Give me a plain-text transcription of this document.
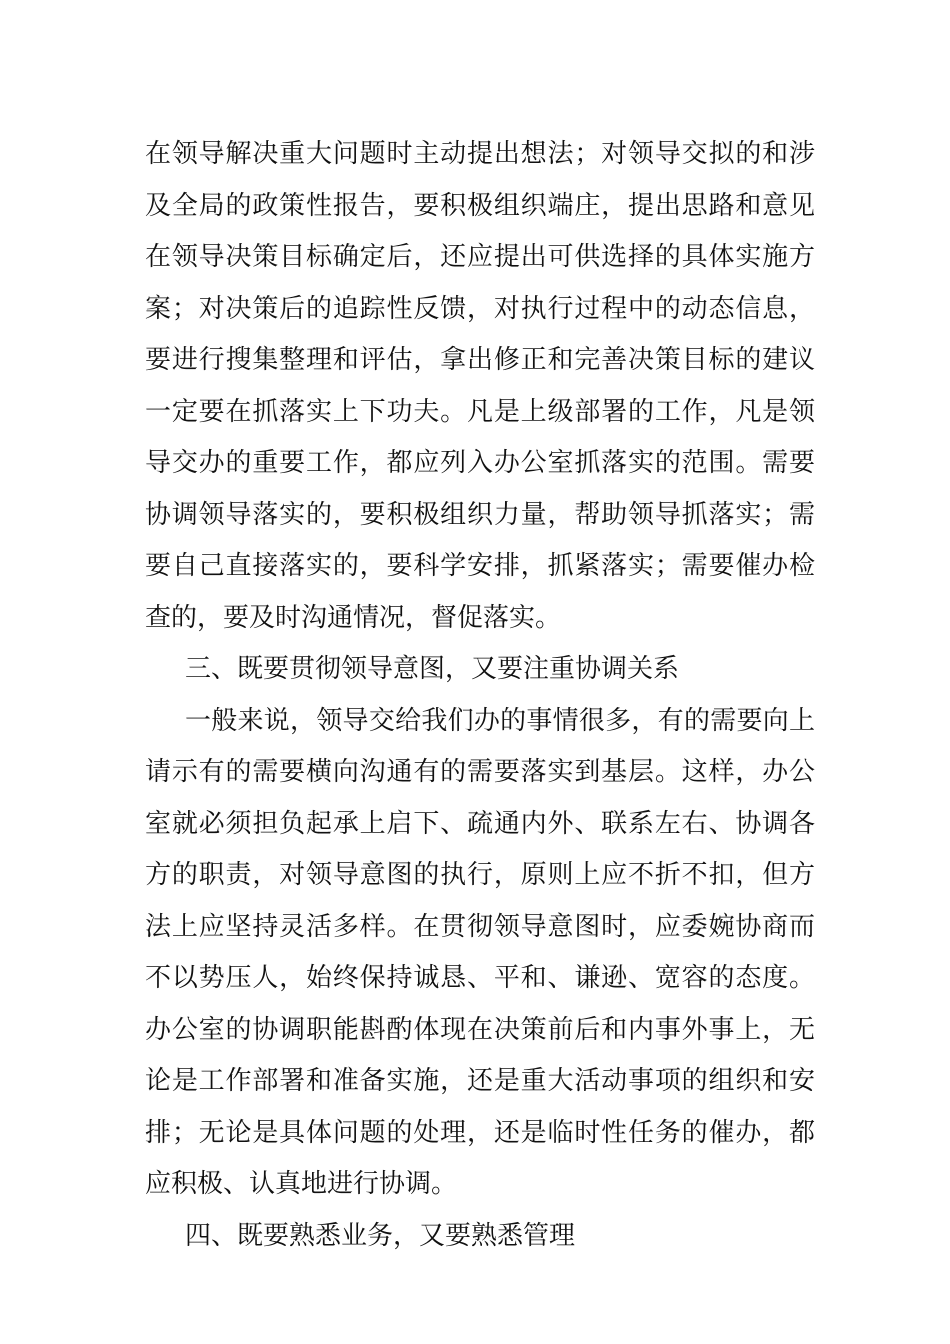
在领导解决重大问题时主动提出想法；对领导交拟的和涉
及全局的政策性报告，要积极组织端庄，提出思路和意见
在领导决策目标确定后，还应提出可供选择的具体实施方
案；对决策后的追踪性反馈，对执行过程中的动态信息，
要进行搜集整理和评估，拿出修正和完善决策目标的建议
一定要在抓落实上下功夫。凡是上级部署的工作，凡是领
导交办的重要工作，都应列入办公室抓落实的范围。需要
协调领导落实的，要积极组织力量，帮助领导抓落实；需
要自己直接落实的，要科学安排，抓紧落实；需要催办检
查的，要及时沟通情况，督促落实。
三、既要贯彻领导意图，又要注重协调关系
一般来说，领导交给我们办的事情很多，有的需要向上
请示有的需要横向沟通有的需要落实到基层。这样，办公
室就必须担负起承上启下、疏通内外、联系左右、协调各
方的职责，对领导意图的执行，原则上应不折不扣，但方
法上应坚持灵活多样。在贯彻领导意图时，应委婉协商而
不以势压人，始终保持诚恳、平和、谦逊、宽容的态度。
办公室的协调职能斟酌体现在决策前后和内事外事上，无
论是工作部署和准备实施，还是重大活动事项的组织和安
排；无论是具体问题的处理，还是临时性任务的催办，都
应积极、认真地进行协调。
四、既要熟悉业务，又要熟悉管理
